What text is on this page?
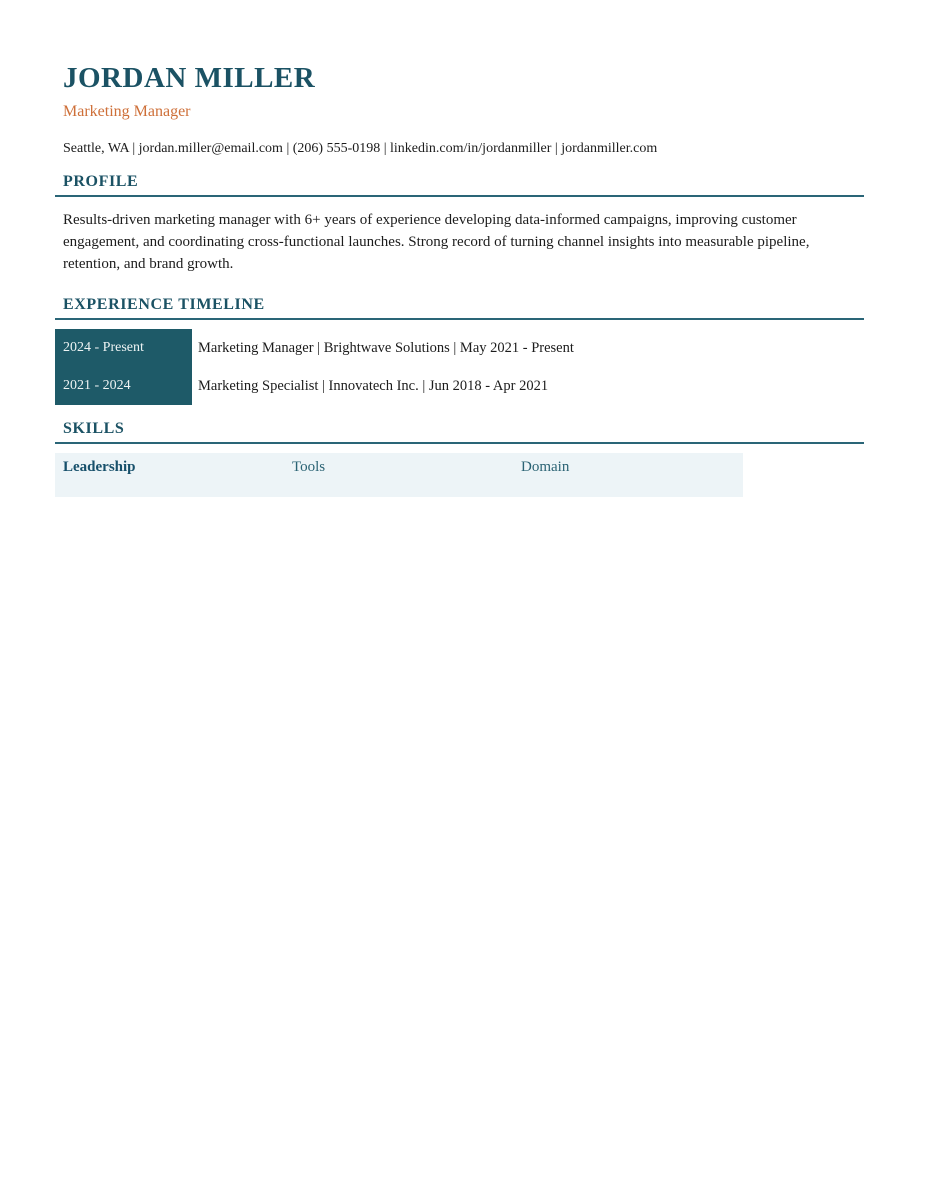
JORDAN MILLER
Marketing Manager
Seattle, WA | jordan.miller@email.com | (206) 555-0198 | linkedin.com/in/jordanmiller | jordanmiller.com
PROFILE

Results-driven marketing manager with 6+ years of experience developing data-informed campaigns, improving customer engagement, and coordinating cross-functional launches. Strong record of turning channel insights into measurable pipeline, retention, and brand growth.

EXPERIENCE TIMELINE
2024 - Present	Marketing Manager | Brightwave Solutions | May 2021 - Present
2021 - 2024	Marketing Specialist | Innovatech Inc. | Jun 2018 - Apr 2021
SKILLS
Leadership	Tools	Domain
